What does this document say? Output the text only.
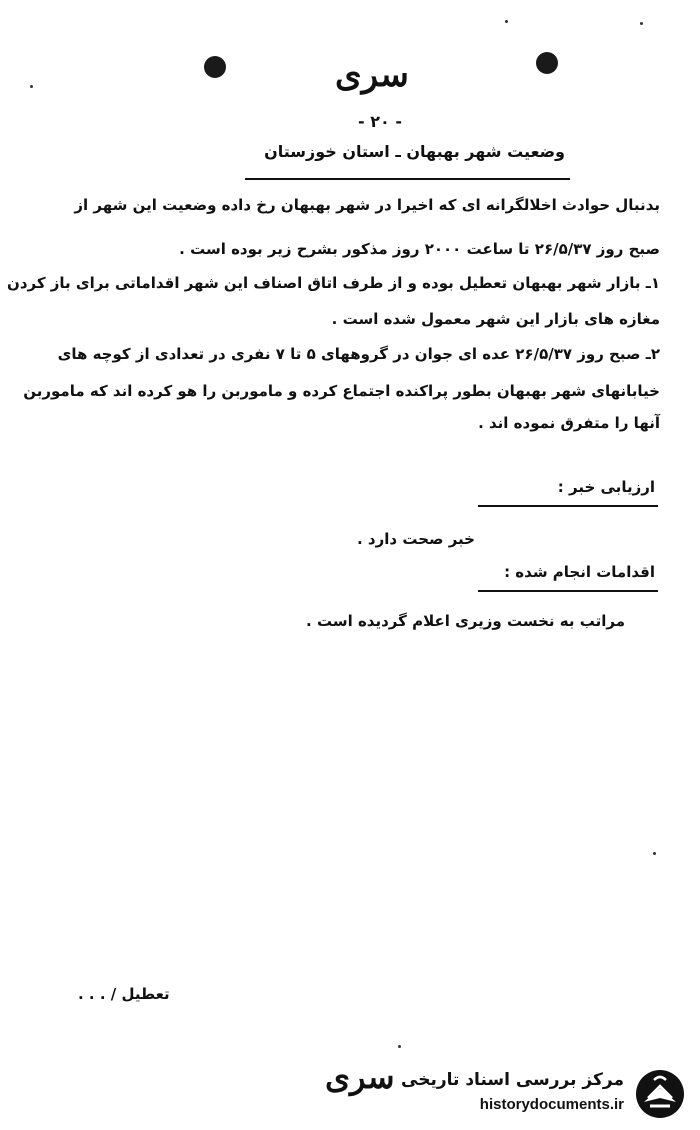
سری
- ۲۰ -
وضعیت شهر بهبهان ـ استان خوزستان
بدنبال حوادث اخلالگرانه ای که اخیرا در شهر بهبهان رخ داده وضعیت این شهر از
صبح روز ۲۶/۵/۳۷ تا ساعت ۲۰۰۰ روز مذکور بشرح زیر بوده است .
۱ـ بازار شهر بهبهان تعطیل بوده و از طرف اتاق اصناف این شهر اقداماتی برای باز کردن
مغازه های بازار این شهر معمول شده است .
۲ـ صبح روز ۲۶/۵/۳۷ عده ای جوان در گروههای ۵ تا ۷ نفری در تعدادی از کوچه های
خیابانهای شهر بهبهان بطور پراکنده اجتماع کرده و ماموربن را هو کرده اند که ماموربن
آنها را متفرق نموده اند .
ارزیابی خبر :
خبر صحت دارد .
اقدامات انجام شده :
مراتب به نخست وزیری اعلام گردیده است .
تعطیل / . . .
سری مرکز بررسی اسناد تاریخی
historydocuments.ir
